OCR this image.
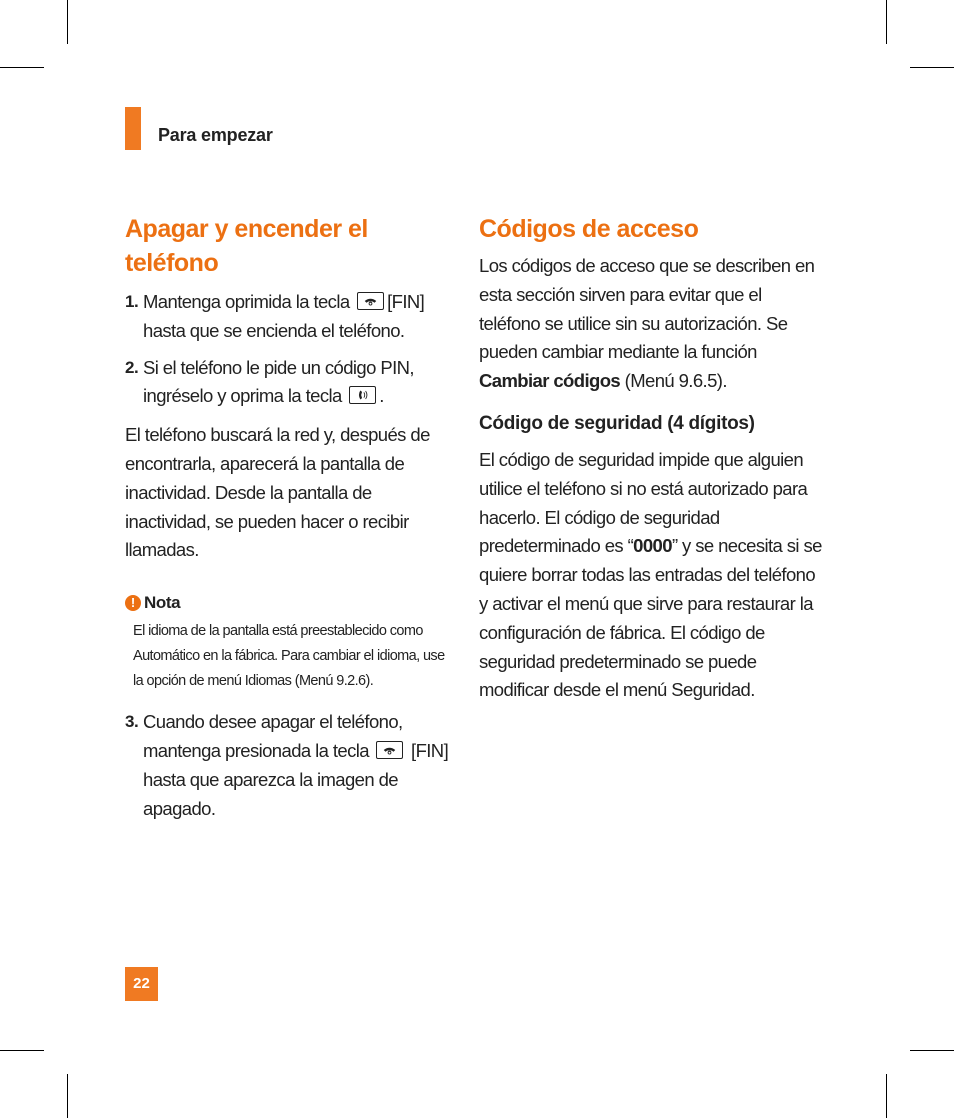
Para empezar
Apagar y encender el teléfono
1. Mantenga oprimida la tecla [FIN]
hasta que se encienda el teléfono.
2. Si el teléfono le pide un código PIN,
ingréselo y oprima la tecla .

El teléfono buscará la red y, después de encontrarla, aparecerá la pantalla de inactividad. Desde la pantalla de inactividad, se pueden hacer o recibir llamadas.

! Nota

El idioma de la pantalla está preestablecido como Automático en la fábrica. Para cambiar el idioma, use la opción de menú Idiomas (Menú 9.2.6).

3. Cuando desee apagar el teléfono, mantenga presionada la tecla [FIN] hasta que aparezca la imagen de apagado.
Códigos de acceso

Los códigos de acceso que se describen en esta sección sirven para evitar que el teléfono se utilice sin su autorización. Se pueden cambiar mediante la función Cambiar códigos (Menú 9.6.5).

Código de seguridad (4 dígitos)

El código de seguridad impide que alguien utilice el teléfono si no está autorizado para hacerlo. El código de seguridad predeterminado es “0000” y se necesita si se quiere borrar todas las entradas del teléfono y activar el menú que sirve para restaurar la configuración de fábrica. El código de seguridad predeterminado se puede modificar desde el menú Seguridad.

22
